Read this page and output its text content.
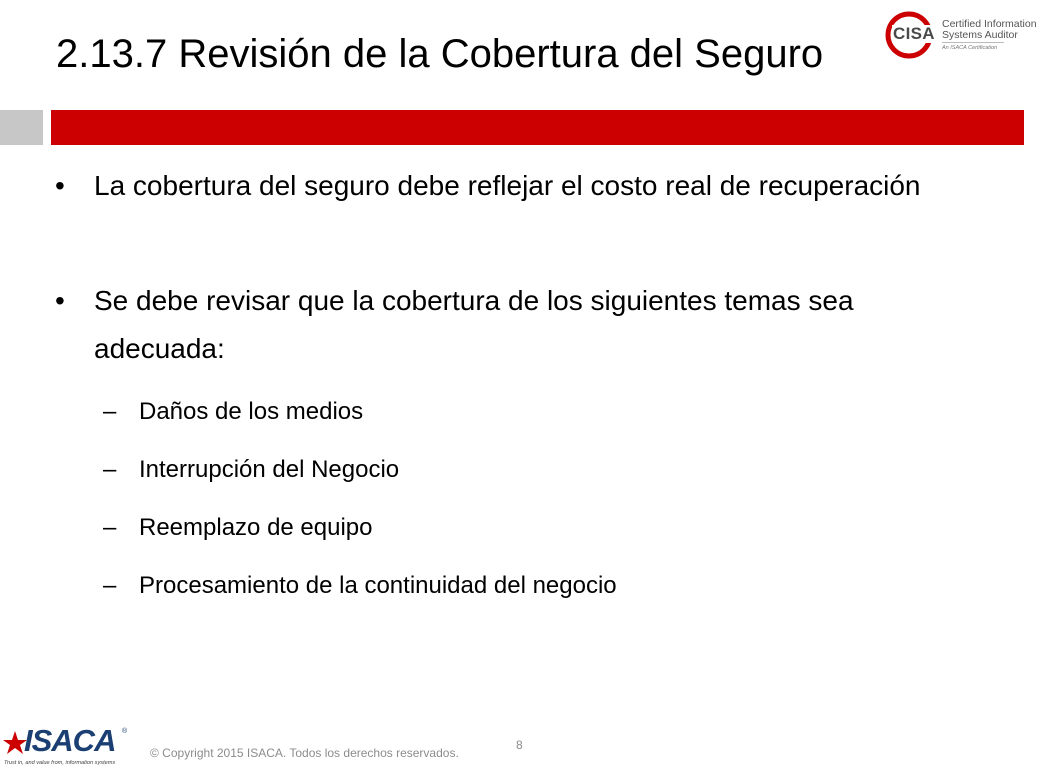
2.13.7 Revisión de la Cobertura del Seguro	CISA Certified Information
Systems Auditor
An ISACA Certification
• La cobertura del seguro debe reflejar el costo real de recuperación
• Se debe revisar que la cobertura de los siguientes temas sea adecuada:
– Daños de los medios
– Interrupción del Negocio
– Reemplazo de equipo
– Procesamiento de la continuidad del negocio
ISACA ®
Trust in, and value from, information systems
© Copyright 2015 ISACA. Todos los derechos reservados.
8
